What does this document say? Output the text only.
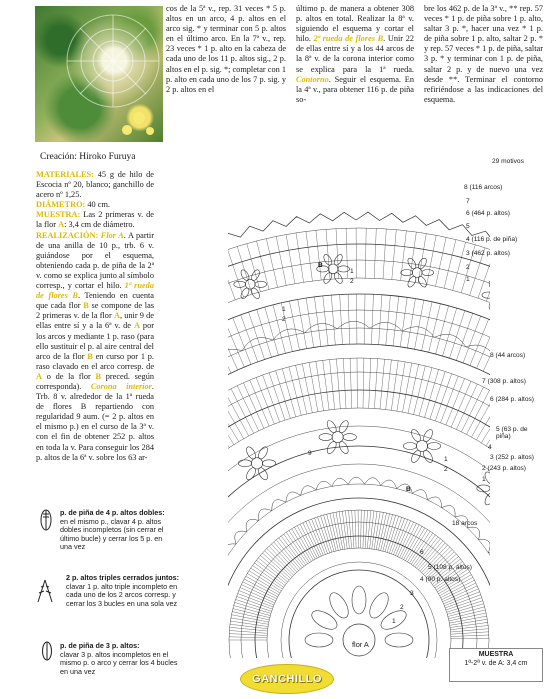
Creación: Hiroko Furuya

MATERIALES: 45 g de hilo de Escocia nº 20, blanco; ganchillo de acero nº 1,25.

DIÁMETRO: 40 cm.

MUESTRA: Las 2 primeras v. de la flor A: 3,4 cm de diámetro.

REALIZACIÓN: Flor A. A partir de una anilla de 10 p., trb. 6 v. guiándose por el esquema, obteniendo cada p. de piña de la 2ª v. como se explica junto al símbolo corresp., y cortar el hilo. 1ª rueda de flores B. Teniendo en cuenta que cada flor B se compone de las 2 primeras v. de la flor A, unir 9 de ellas entre sí y a la 6ª v. de A por los arcos y mediante 1 p. raso (para ello sustituir el p. al aire central del arco de la flor B en curso por 1 p. raso clavado en el arco corresp. de A o de la flor B preced. según corresponda). Corona interior. Trb. 8 v. alrededor de la 1ª rueda de flores B repartiendo con regularidad 9 aum. (= 2 p. altos en el mismo p.) en el curso de la 3ª v. con el fin de obtener 252 p. altos en toda la v. Para conseguir los 284 p. altos de la 6ª v. sobre los 63 ar-

cos de la 5ª v., rep. 31 veces * 5 p. altos en un arco, 4 p. altos en el arco sig. * y terminar con 5 p. altos en el último arco. En la 7ª v., rep. 23 veces * 1 p. alto en la cabeza de cada uno de los 11 p. altos sig., 2 p. altos en el p. sig. *; completar con 1 p. alto en cada uno de los 7 p. sig. y 2 p. altos en el

último p. de manera a obtener 308 p. altos en total. Realizar la 8ª v. siguiendo el esquema y cortar el hilo. 2ª rueda de flores B. Unir 22 de ellas entre sí y a los 44 arcos de la 8ª v. de la corona interior como se explica para la 1ª rueda. Contorno. Seguir el esquema. En la 4ª v., para obtener 116 p. de piña so-

bre los 462 p. de la 3ª v., ** rep. 57 veces * 1 p. de piña sobre 1 p. alto, saltar 3 p. *, hacer una vez * 1 p. de piña sobre 1 p. alto, saltar 2 p. * y rep. 57 veces * 1 p. de piña, saltar 3 p. * y terminar con 1 p. de piña, saltar 2 p. y de nuevo una vez desde **. Terminar el contorno refiriéndose a las indicaciones del esquema.

p. de piña de 4 p. altos dobles:
en el mismo p., clavar 4 p. altos dobles incompletos (sin cerrar el último bucle) y cerrar los 5 p. en una vez
2 p. altos triples cerrados juntos:
clavar 1 p. alto triple incompleto en cada uno de los 2 arcos corresp. y cerrar los 3 bucles en una sola vez
p. de piña de 3 p. altos:
clavar 3 p. altos incompletos en el mismo p. o arco y cerrar los 4 bucles en una vez
29 motivos
8 (116 arcos)
7
6 (464 p. altos)
5
4 (116 p. de piña)
3 (462 p. altos)
2
1
8 (44 arcos)
7 (308 p. altos)
6 (284 p. altos)
5 (63 p. de piña)
4
3 (252 p. altos)
2 (243 p. altos)
1
18 arcos
6
5 (108 p. altos)
4 (90 p. altos)
3
2
1
flor A
B
B
1
2
1
2
9
1
2
MUESTRA
1ª-2ª v. de A: 3,4 cm
GANCHILLO
